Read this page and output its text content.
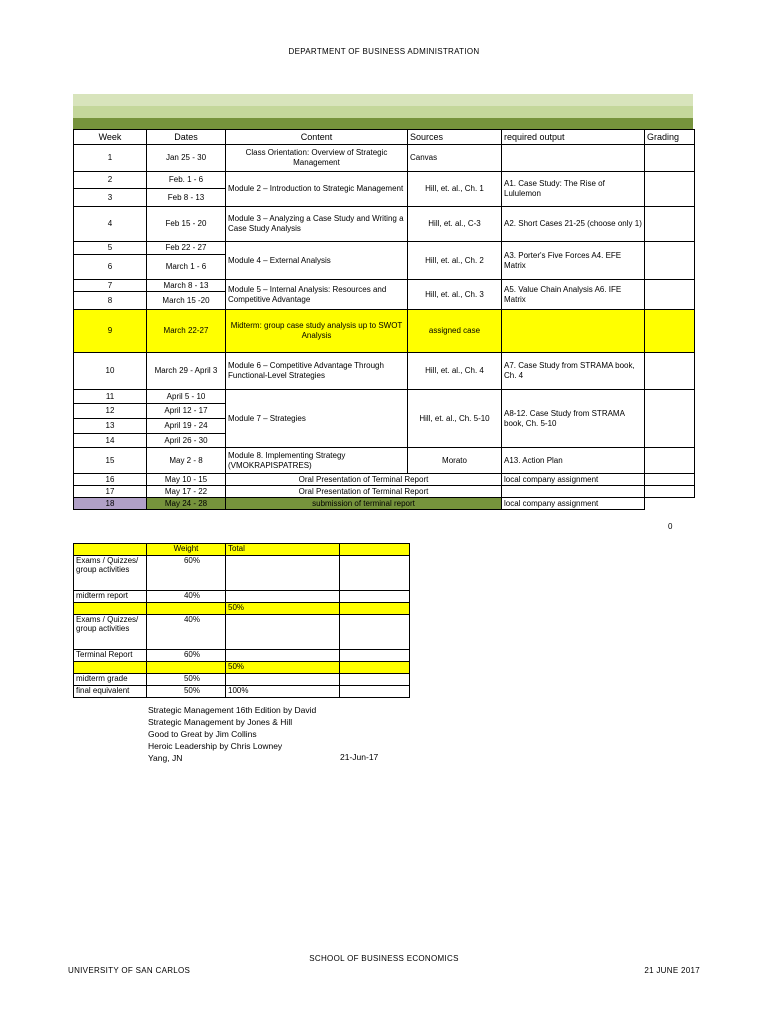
DEPARTMENT OF BUSINESS ADMINISTRATION
Week	Dates	Content	Sources	required output	Grading
1	Jan 25 - 30	Class Orientation: Overview of Strategic Management	Canvas		
2	Feb. 1 - 6	Module 2 – Introduction to Strategic Management	Hill, et. al., Ch. 1	A1. Case Study: The Rise of Lululemon	
3	Feb 8 - 13				
4	Feb 15 - 20	Module 3 – Analyzing a Case Study and Writing a Case Study Analysis	Hill, et. al., C-3	A2. Short Cases 21-25 (choose only 1)	
5	Feb 22 - 27	Module 4 – External Analysis	Hill, et. al., Ch. 2	A3. Porter's Five Forces A4. EFE Matrix	
6	March 1 - 6				
7	March 8 - 13	Module 5 – Internal Analysis: Resources and Competitive Advantage	Hill, et. al., Ch. 3	A5. Value Chain Analysis A6. IFE Matrix	
8	March 15 -20				
9	March 22-27	Midterm: group case study analysis up to SWOT Analysis	assigned case		
10	March 29 - April 3	Module 6 – Competitive Advantage Through Functional-Level Strategies	Hill, et. al., Ch. 4	A7. Case Study from STRAMA book, Ch. 4	
11	April 5 - 10	Module 7 – Strategies	Hill, et. al., Ch. 5-10	A8-12. Case Study from STRAMA book, Ch. 5-10	
12	April 12 - 17				
13	April 19 - 24				
14	April 26 - 30				
15	May 2 - 8	Module 8. Implementing Strategy (VMOKRAPISPATRES)	Morato	A13. Action Plan	
16	May 10 - 15	Oral Presentation of Terminal Report		local company assignment	
17	May 17 - 22	Oral Presentation of Terminal Report			
18	May 24 - 28	submission of terminal report		local company assignment	
0
	Weight	Total	
Exams / Quizzes/ group activities	60%		
midterm report	40%		
		50%	
Exams / Quizzes/ group activities	40%		
Terminal Report	60%		
		50%	
midterm grade	50%		
final equivalent	50%	100%	
Strategic Management 16th Edition by David
Strategic Management by Jones & Hill
Good to Great by Jim Collins
Heroic Leadership by Chris Lowney
Yang, JN	21-Jun-17
SCHOOL OF BUSINESS ECONOMICS
UNIVERSITY OF SAN CARLOS	21 JUNE 2017
